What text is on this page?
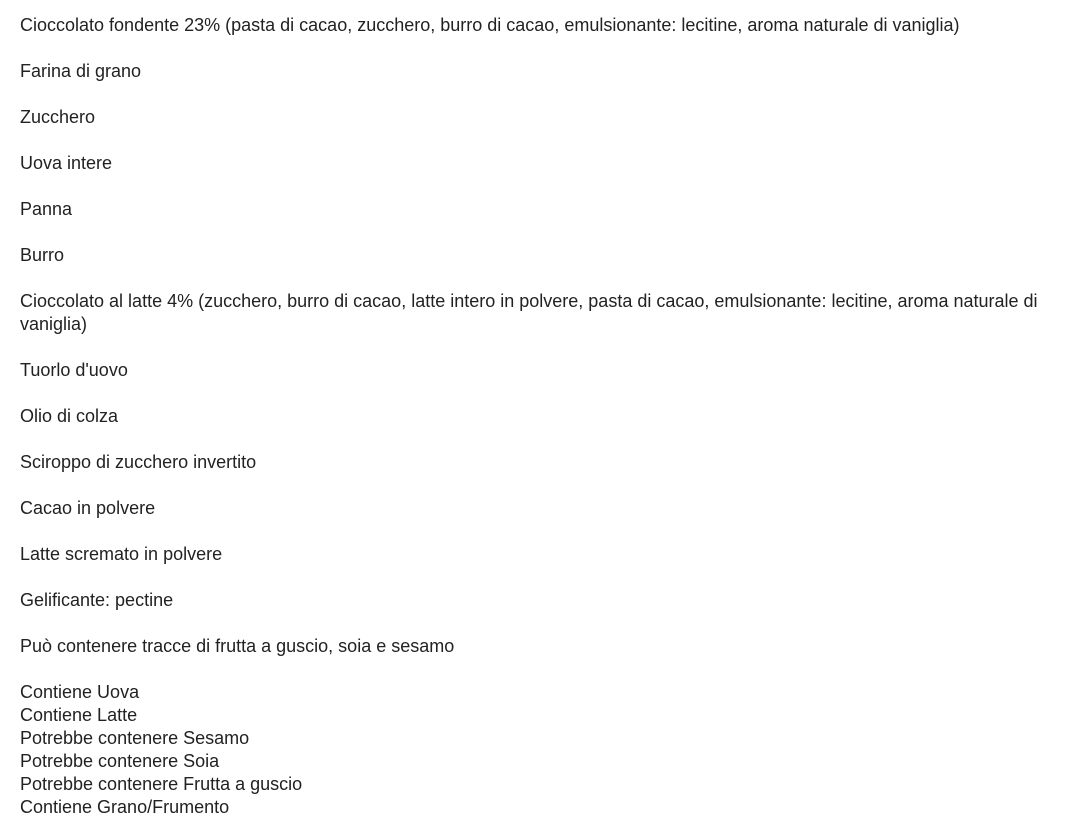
Cioccolato fondente 23% (pasta di cacao, zucchero, burro di cacao, emulsionante: lecitine, aroma naturale di vaniglia)

Farina di grano

Zucchero

Uova intere

Panna

Burro

Cioccolato al latte 4% (zucchero, burro di cacao, latte intero in polvere, pasta di cacao, emulsionante: lecitine, aroma naturale di vaniglia)

Tuorlo d'uovo

Olio di colza

Sciroppo di zucchero invertito

Cacao in polvere

Latte scremato in polvere

Gelificante: pectine

Può contenere tracce di frutta a guscio, soia e sesamo

Contiene Uova
Contiene Latte
Potrebbe contenere Sesamo
Potrebbe contenere Soia
Potrebbe contenere Frutta a guscio
Contiene Grano/Frumento
